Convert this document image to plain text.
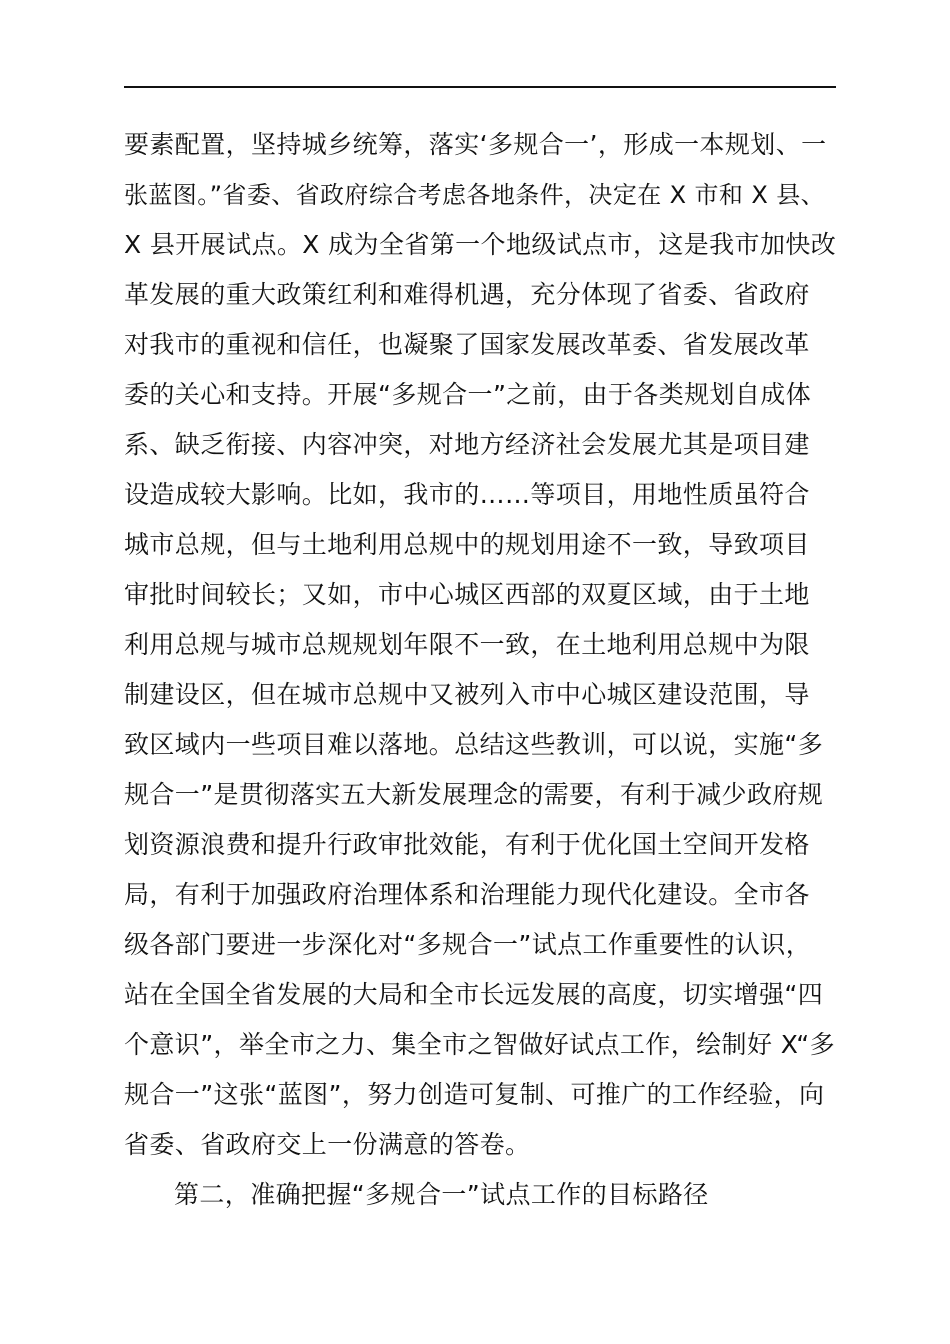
要素配置，坚持城乡统筹，落实‘多规合一’，形成一本规划、一
张蓝图。”省委、省政府综合考虑各地条件，决定在 X 市和 X 县、
X 县开展试点。X 成为全省第一个地级试点市，这是我市加快改
革发展的重大政策红利和难得机遇，充分体现了省委、省政府
对我市的重视和信任，也凝聚了国家发展改革委、省发展改革
委的关心和支持。开展“多规合一”之前，由于各类规划自成体
系、缺乏衔接、内容冲突，对地方经济社会发展尤其是项目建
设造成较大影响。比如，我市的……等项目，用地性质虽符合
城市总规，但与土地利用总规中的规划用途不一致，导致项目
审批时间较长；又如，市中心城区西部的双夏区域，由于土地
利用总规与城市总规规划年限不一致，在土地利用总规中为限
制建设区，但在城市总规中又被列入市中心城区建设范围，导
致区域内一些项目难以落地。总结这些教训，可以说，实施“多
规合一”是贯彻落实五大新发展理念的需要，有利于减少政府规
划资源浪费和提升行政审批效能，有利于优化国土空间开发格
局，有利于加强政府治理体系和治理能力现代化建设。全市各
级各部门要进一步深化对“多规合一”试点工作重要性的认识，
站在全国全省发展的大局和全市长远发展的高度，切实增强“四
个意识”，举全市之力、集全市之智做好试点工作，绘制好 X“多
规合一”这张“蓝图”，努力创造可复制、可推广的工作经验，向
省委、省政府交上一份满意的答卷。
第二，准确把握“多规合一”试点工作的目标路径
